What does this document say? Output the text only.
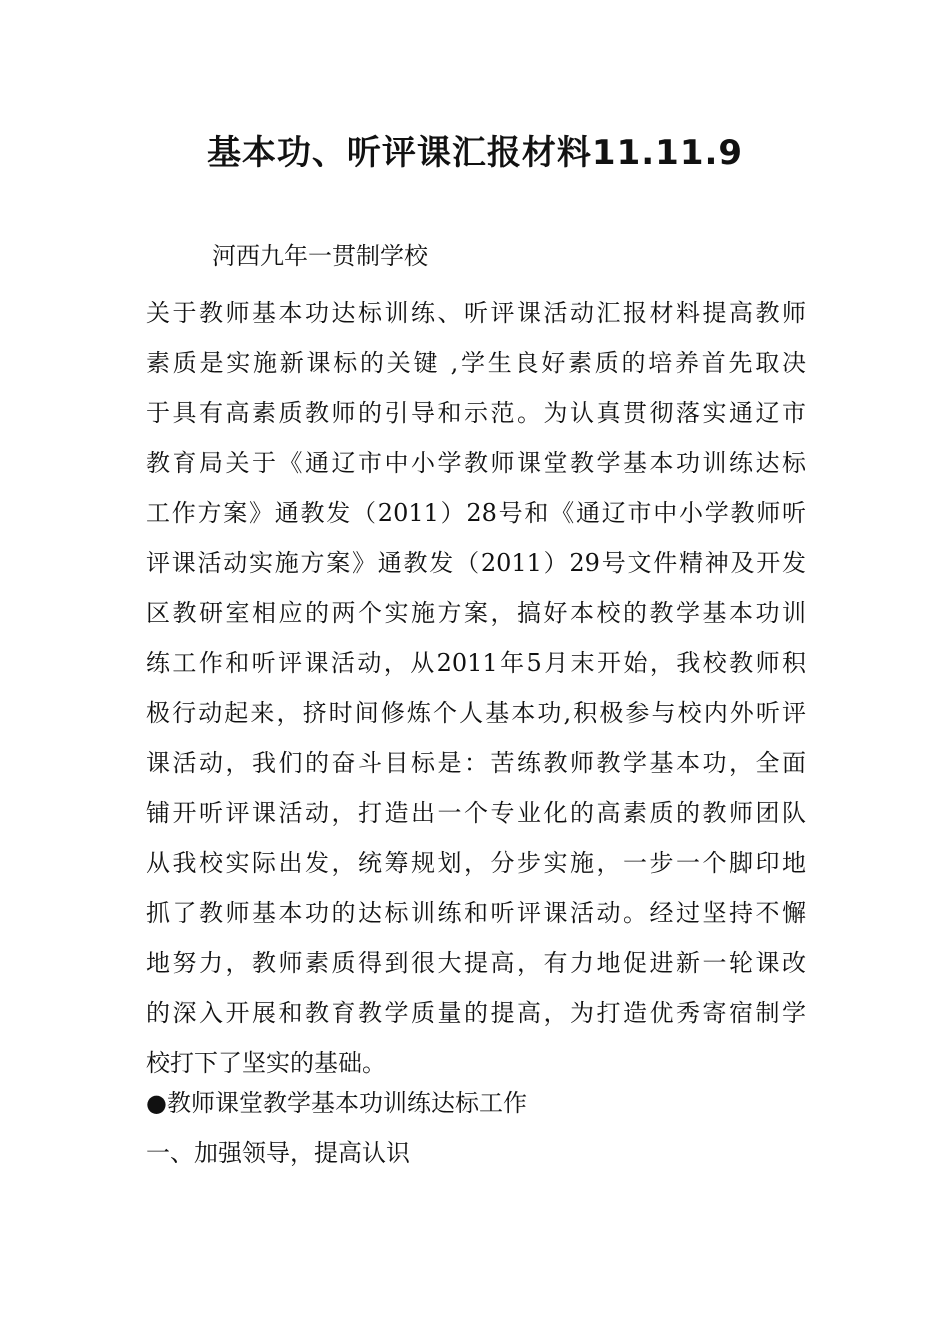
基本功、听评课汇报材料11.11.9

河西九年一贯制学校

关于教师基本功达标训练、听评课活动汇报材料提高教师

素质是实施新课标的关键 ,学生良好素质的培养首先取决

于具有高素质教师的引导和示范。为认真贯彻落实通辽市

教育局关于《通辽市中小学教师课堂教学基本功训练达标

工作方案》通教发（2011）28号和《通辽市中小学教师听

评课活动实施方案》通教发（2011）29号文件精神及开发

区教研室相应的两个实施方案，搞好本校的教学基本功训

练工作和听评课活动，从2011年5月末开始，我校教师积

极行动起来，挤时间修炼个人基本功,积极参与校内外听评

课活动，我们的奋斗目标是：苦练教师教学基本功，全面

铺开听评课活动，打造出一个专业化的高素质的教师团队

从我校实际出发，统筹规划，分步实施，一步一个脚印地

抓了教师基本功的达标训练和听评课活动。经过坚持不懈

地努力，教师素质得到很大提高，有力地促进新一轮课改

的深入开展和教育教学质量的提高，为打造优秀寄宿制学

校打下了坚实的基础。

●教师课堂教学基本功训练达标工作

一、加强领导，提高认识
